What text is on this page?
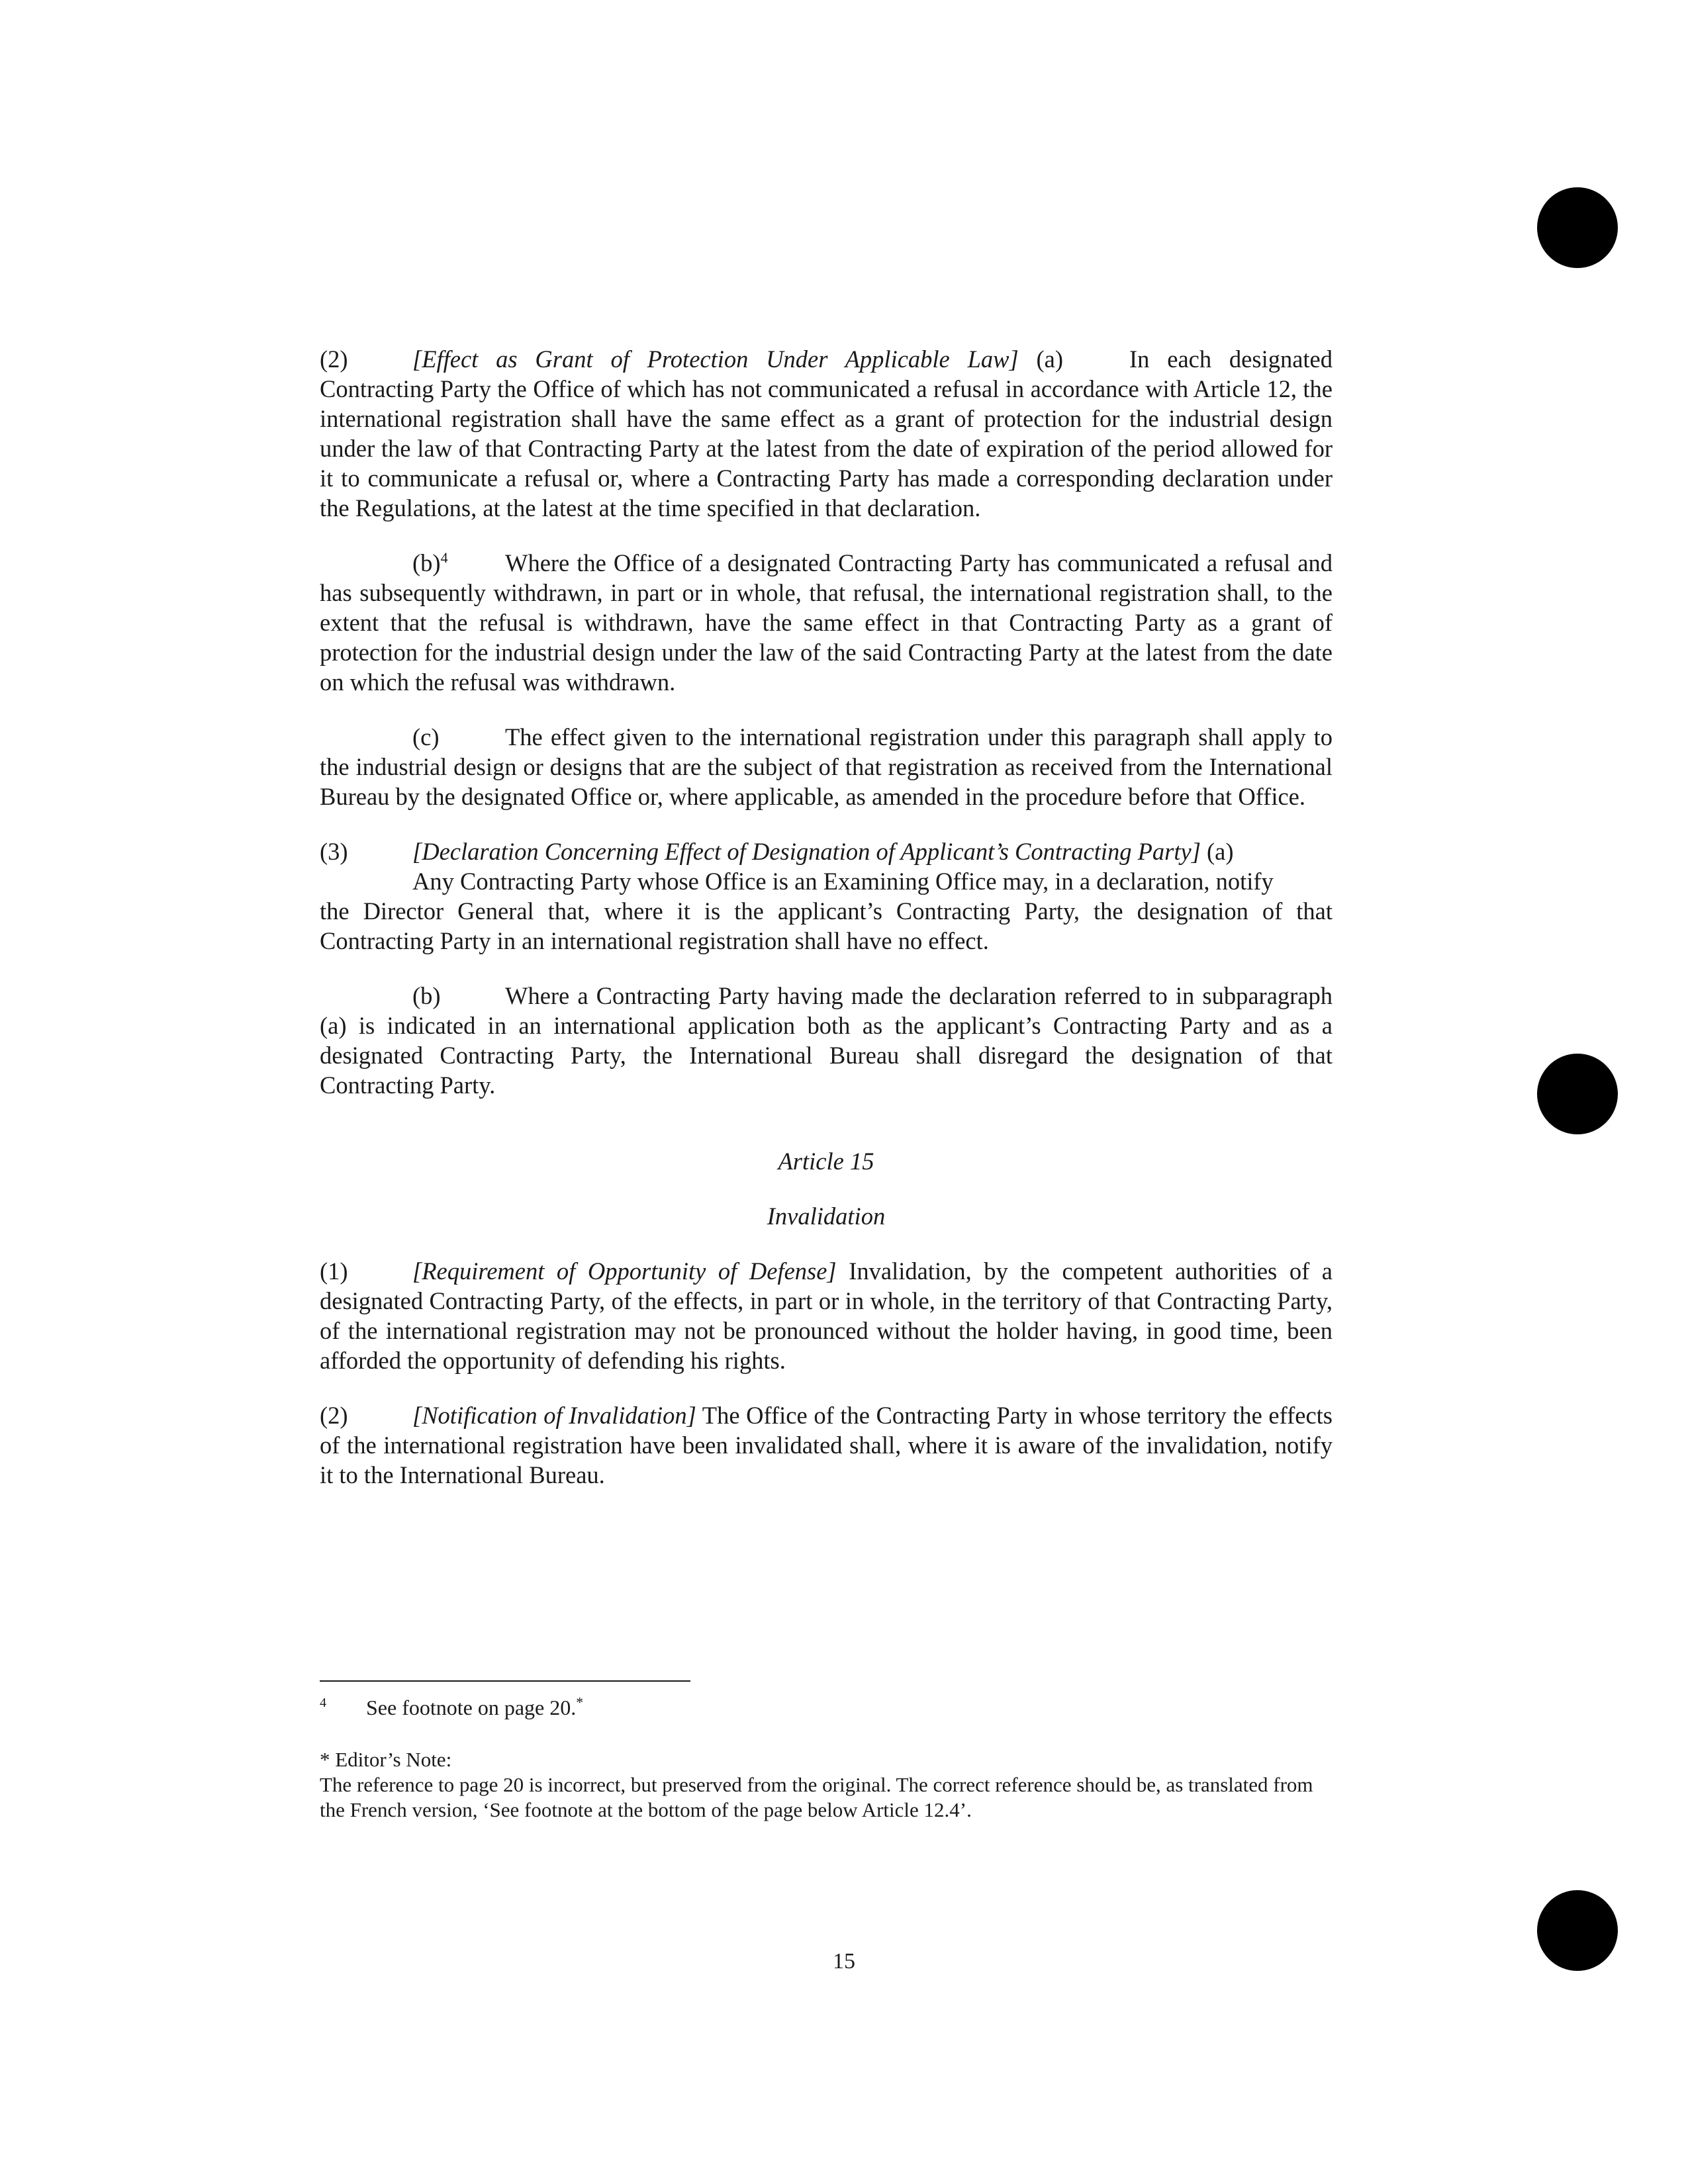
(2)	[Effect as Grant of Protection Under Applicable Law] (a)	In each designated Contracting Party the Office of which has not communicated a refusal in accordance with Article 12, the international registration shall have the same effect as a grant of protection for the industrial design under the law of that Contracting Party at the latest from the date of expiration of the period allowed for it to communicate a refusal or, where a Contracting Party has made a corresponding declaration under the Regulations, at the latest at the time specified in that declaration.

$(b)^4$ Where the Office of a designated Contracting Party has communicated a refusal and has subsequently withdrawn, in part or in whole, that refusal, the international registration shall, to the extent that the refusal is withdrawn, have the same effect in that Contracting Party as a grant of protection for the industrial design under the law of the said Contracting Party at the latest from the date on which the refusal was withdrawn.

(c)	The effect given to the international registration under this paragraph shall apply to the industrial design or designs that are the subject of that registration as received from the International Bureau by the designated Office or, where applicable, as amended in the procedure before that Office.

(3)	[Declaration Concerning Effect of Designation of Applicant’s Contracting Party] (a)

Any Contracting Party whose Office is an Examining Office may, in a declaration, notify

the Director General that, where it is the applicant’s Contracting Party, the designation of that Contracting Party in an international registration shall have no effect.

(b)	Where a Contracting Party having made the declaration referred to in subparagraph (a) is indicated in an international application both as the applicant’s Contracting Party and as a designated Contracting Party, the International Bureau shall disregard the designation of that Contracting Party.

Article 15

Invalidation

(1)	[Requirement of Opportunity of Defense] Invalidation, by the competent authorities of a designated Contracting Party, of the effects, in part or in whole, in the territory of that Contracting Party, of the international registration may not be pronounced without the holder having, in good time, been afforded the opportunity of defending his rights.

(2)	[Notification of Invalidation] The Office of the Contracting Party in whose territory the effects of the international registration have been invalidated shall, where it is aware of the invalidation, notify it to the International Bureau.

4 See footnote on page 20.*
* Editor’s Note:
The reference to page 20 is incorrect, but preserved from the original. The correct reference should be, as translated from the French version, ‘See footnote at the bottom of the page below Article 12.4’.
15
